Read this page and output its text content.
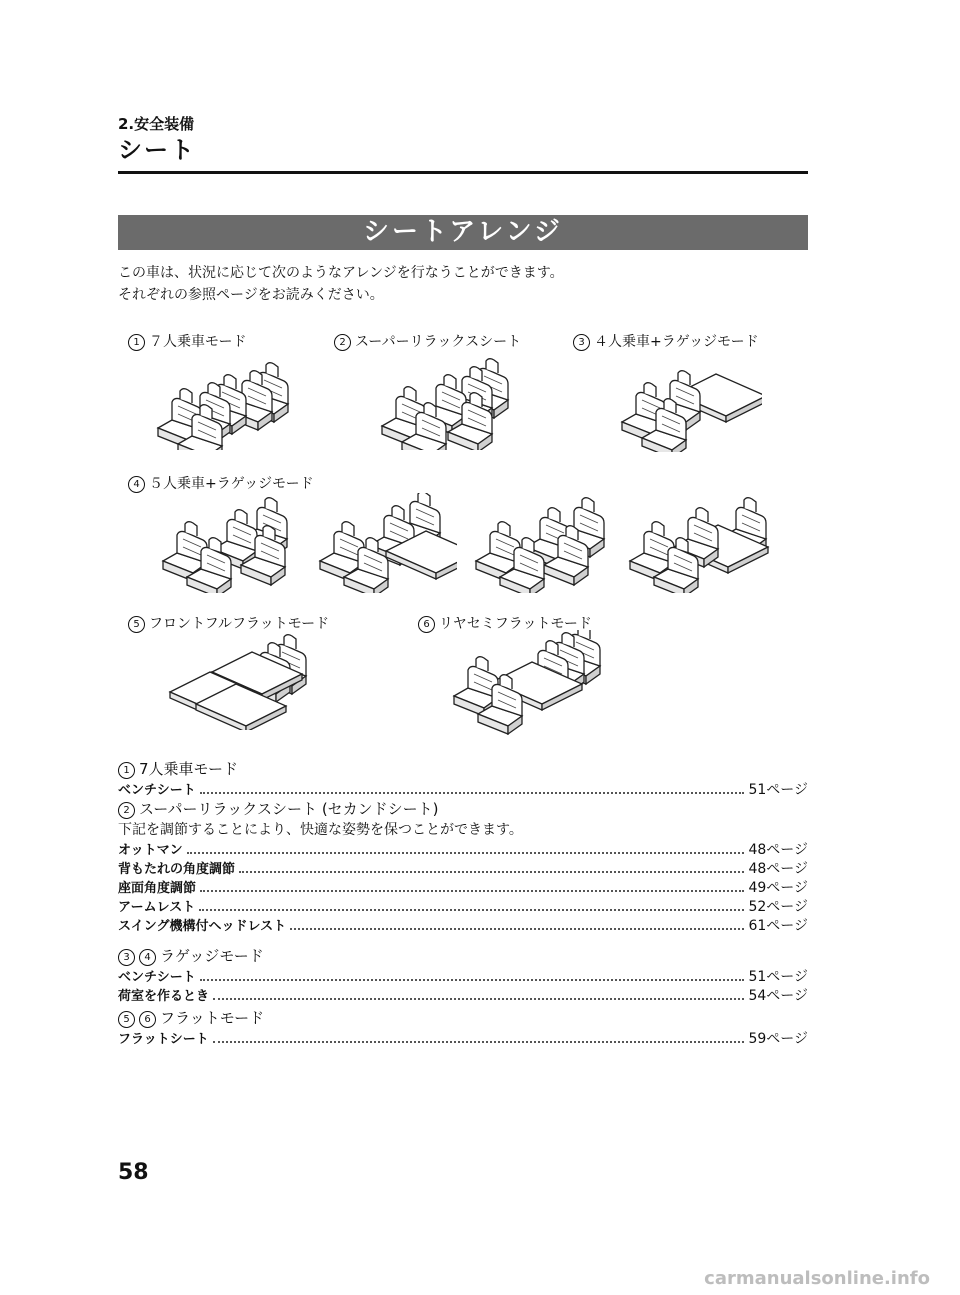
2.安全装備
シート
シートアレンジ
この車は、状況に応じて次のようなアレンジを行なうことができます。
それぞれの参照ページをお読みください。
1 ７人乗車モード	2 スーパーリラックスシート	3 ４人乗車+ラゲッジモード
4 ５人乗車+ラゲッジモード
5 フロントフルフラットモード	6 リヤセミフラットモード
1 7人乗車モード
ベンチシート	51ページ
2 スーパーリラックスシート (セカンドシート)
下記を調節することにより、快適な姿勢を保つことができます。
オットマン	48ページ
背もたれの角度調節	48ページ
座面角度調節	49ページ
アームレスト	52ページ
スイング機構付ヘッドレスト	61ページ
3 4 ラゲッジモード
ベンチシート	51ページ
荷室を作るとき	54ページ
5 6 フラットモード
フラットシート	59ページ
58
carmanualsonline.info
